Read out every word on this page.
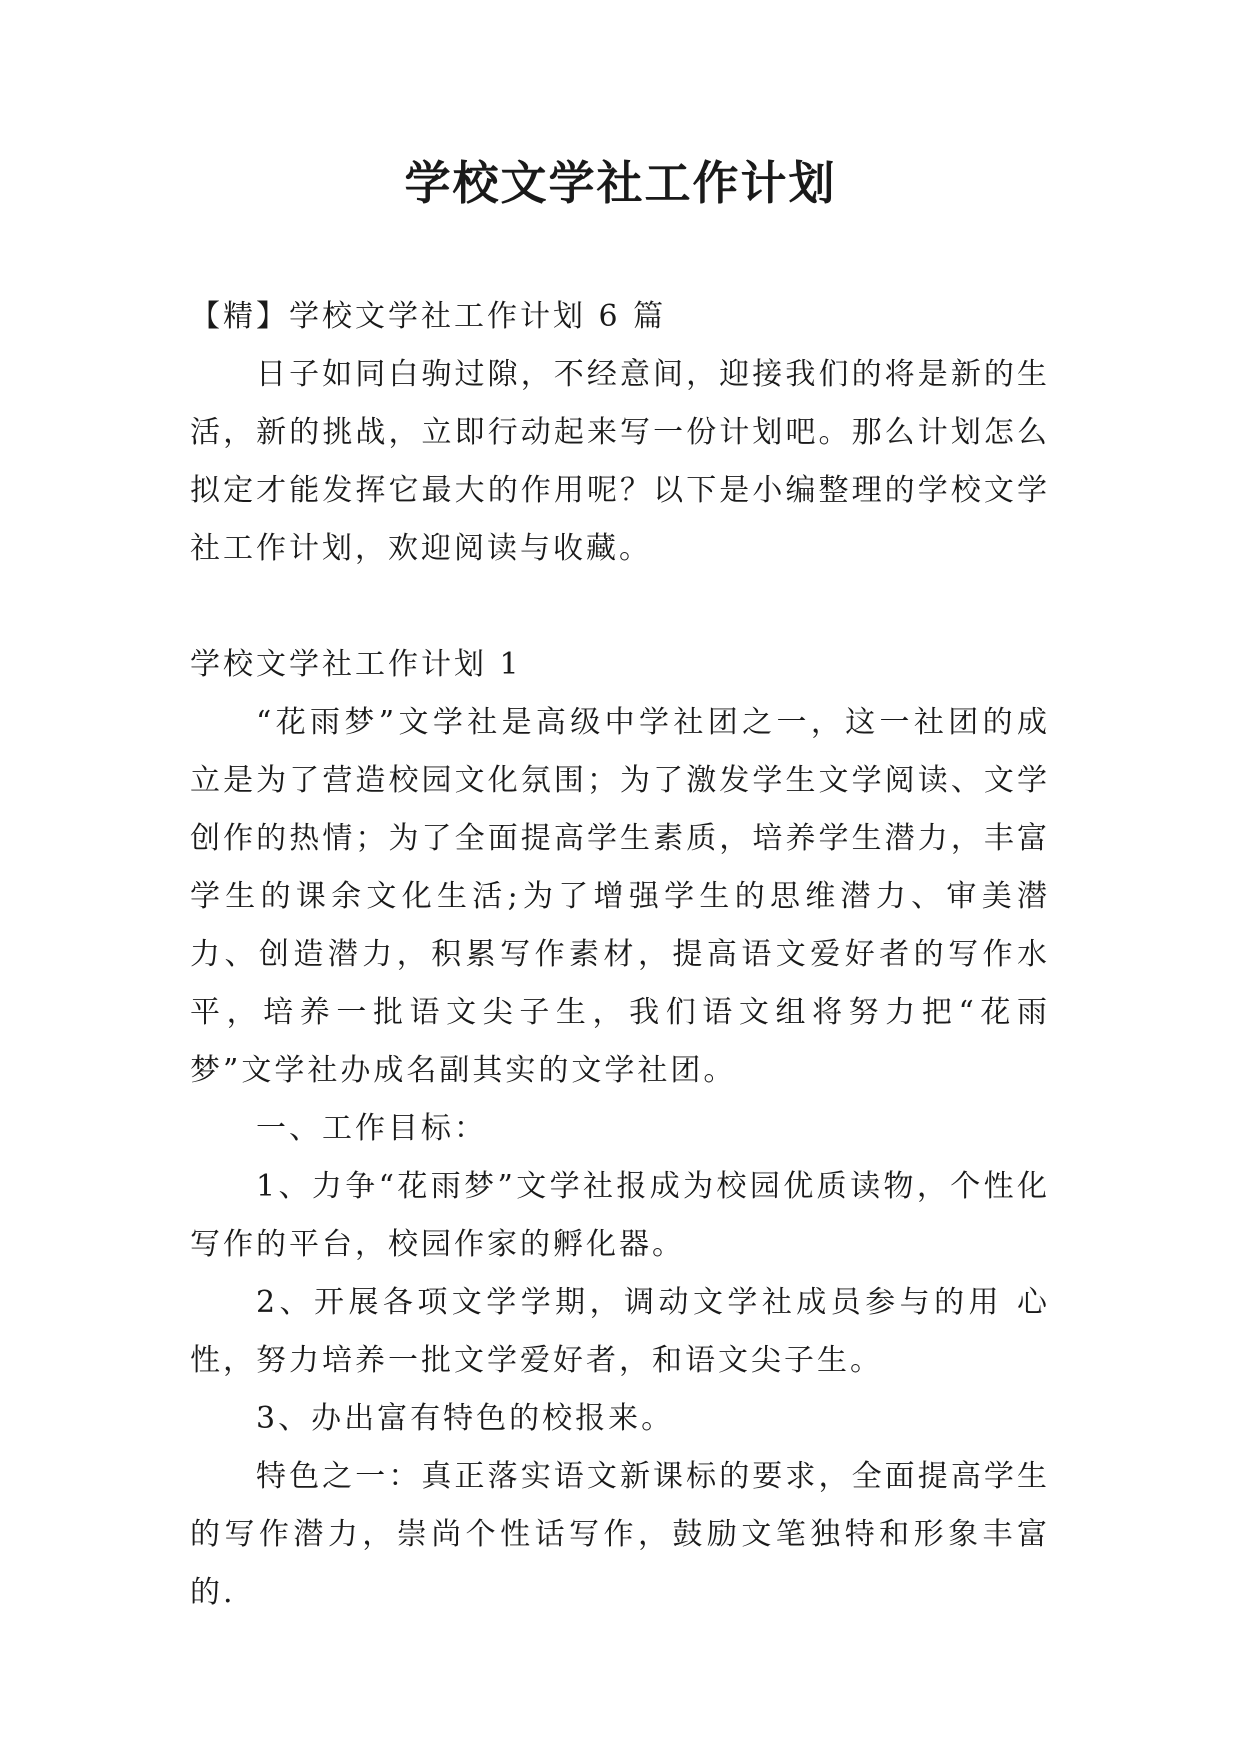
学校文学社工作计划

【精】学校文学社工作计划 6 篇

日子如同白驹过隙，不经意间，迎接我们的将是新的生活，新的挑战，立即行动起来写一份计划吧。那么计划怎么拟定才能发挥它最大的作用呢？以下是小编整理的学校文学社工作计划，欢迎阅读与收藏。

学校文学社工作计划 1

“花雨梦”文学社是高级中学社团之一，这一社团的成立是为了营造校园文化氛围；为了激发学生文学阅读、文学创作的热情；为了全面提高学生素质，培养学生潜力，丰富学生的课余文化生活;为了增强学生的思维潜力、审美潜力、创造潜力，积累写作素材，提高语文爱好者的写作水平，培养一批语文尖子生，我们语文组将努力把“花雨梦”文学社办成名副其实的文学社团。

一、工作目标：

1、力争“花雨梦”文学社报成为校园优质读物，个性化写作的平台，校园作家的孵化器。

2、开展各项文学学期，调动文学社成员参与的用 心性，努力培养一批文学爱好者，和语文尖子生。

3、办出富有特色的校报来。

特色之一：真正落实语文新课标的要求，全面提高学生的写作潜力，崇尚个性话写作，鼓励文笔独特和形象丰富的.
